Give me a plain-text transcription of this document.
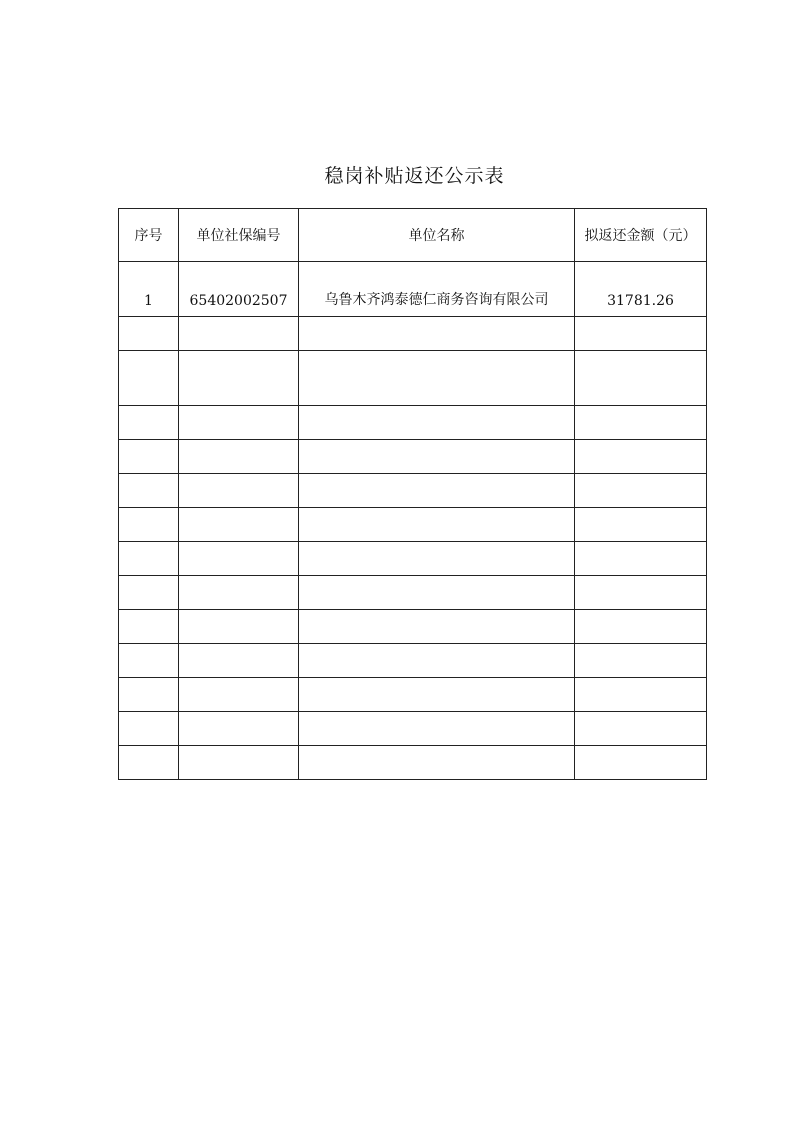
稳岗补贴返还公示表
序号	单位社保编号	单位名称	拟返还金额（元）
1	65402002507	乌鲁木齐鸿泰德仁商务咨询有限公司	31781.26
